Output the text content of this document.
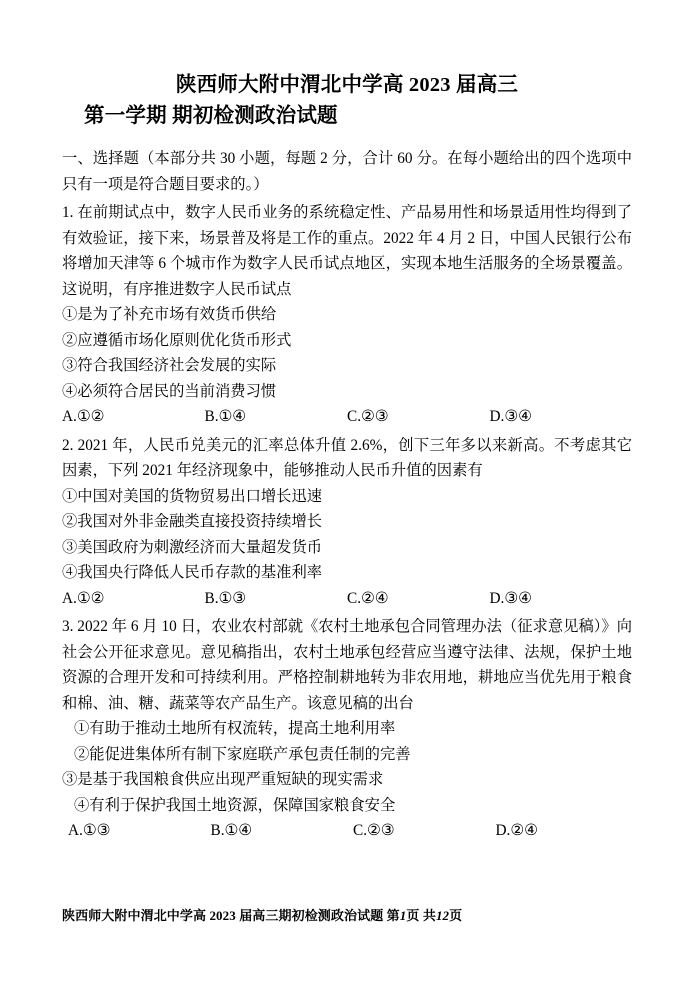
陕西师大附中渭北中学高 2023 届高三
第一学期 期初检测政治试题
一、选择题（本部分共 30 小题，每题 2 分，合计 60 分。在每小题给出的四个选项中 只有一项是符合题目要求的。）
1. 在前期试点中，数字人民币业务的系统稳定性、产品易用性和场景适用性均得到了有效验证，接下来，场景普及将是工作的重点。2022 年 4 月 2 日，中国人民银行公布将增加天津等 6 个城市作为数字人民币试点地区，实现本地生活服务的全场景覆盖。这说明，有序推进数字人民币试点
①是为了补充市场有效货币供给
②应遵循市场化原则优化货币形式
③符合我国经济社会发展的实际
④必须符合居民的当前消费习惯
A.①②	B.①④	C.②③	D.③④
2. 2021 年，人民币兑美元的汇率总体升值 2.6%，创下三年多以来新高。不考虑其它因素，下列 2021 年经济现象中，能够推动人民币升值的因素有
①中国对美国的货物贸易出口增长迅速
②我国对外非金融类直接投资持续增长
③美国政府为刺激经济而大量超发货币
④我国央行降低人民币存款的基准利率
A.①②	B.①③	C.②④	D.③④
3. 2022 年 6 月 10 日，农业农村部就《农村土地承包合同管理办法（征求意见稿）》向社会公开征求意见。意见稿指出，农村土地承包经营应当遵守法律、法规，保护土地资源的合理开发和可持续利用。严格控制耕地转为非农用地，耕地应当优先用于粮食和棉、油、糖、蔬菜等农产品生产。该意见稿的出台
①有助于推动土地所有权流转，提高土地利用率
②能促进集体所有制下家庭联产承包责任制的完善
③是基于我国粮食供应出现严重短缺的现实需求
④有利于保护我国土地资源，保障国家粮食安全
A.①③	B.①④	C.②③	D.②④
陕西师大附中渭北中学高 2023 届高三期初检测政治试题 第1页 共12页
